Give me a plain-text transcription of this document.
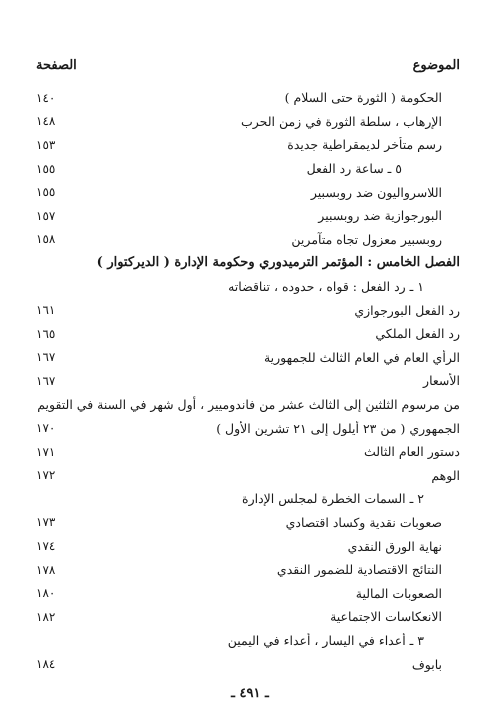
الموضوع
الصفحة
الحكومة ( الثورة حتى السلام )
١٤٠
الإرهاب ، سلطة الثورة في زمن الحرب
١٤٨
رسم متأخر لديمقراطية جديدة
١٥٣
٥ ـ ساعة رد الفعل
١٥٥
اللاسرواليون ضد روبسبير
١٥٥
البورجوازية ضد روبسبير
١٥٧
روبسبير معزول تجاه متآمرين
١٥٨
الفصل الخامس : المؤتمر الترميدوري وحكومة الإدارة ( الديركتوار )
١ ـ رد الفعل : قواه ، حدوده ، تناقضاته
رد الفعل البورجوازي
١٦١
رد الفعل الملكي
١٦٥
الرأي العام في العام الثالث للجمهورية
١٦٧
الأسعار
١٦٧
من مرسوم الثلثين إلى الثالث عشر من فاندوميير ، أول شهر في السنة في التقويم
الجمهوري ( من ٢٣ أيلول إلى ٢١ تشرين الأول )
١٧٠
دستور العام الثالث
١٧١
الوهم
١٧٢
٢ ـ السمات الخطرة لمجلس الإدارة
صعوبات نقدية وكساد اقتصادي
١٧٣
نهاية الورق النقدي
١٧٤
النتائج الاقتصادية للضمور النقدي
١٧٨
الصعوبات المالية
١٨٠
الانعكاسات الاجتماعية
١٨٢
٣ ـ أعداء في اليسار ، أعداء في اليمين
بابوف
١٨٤
ـ ٤٩١ ـ
